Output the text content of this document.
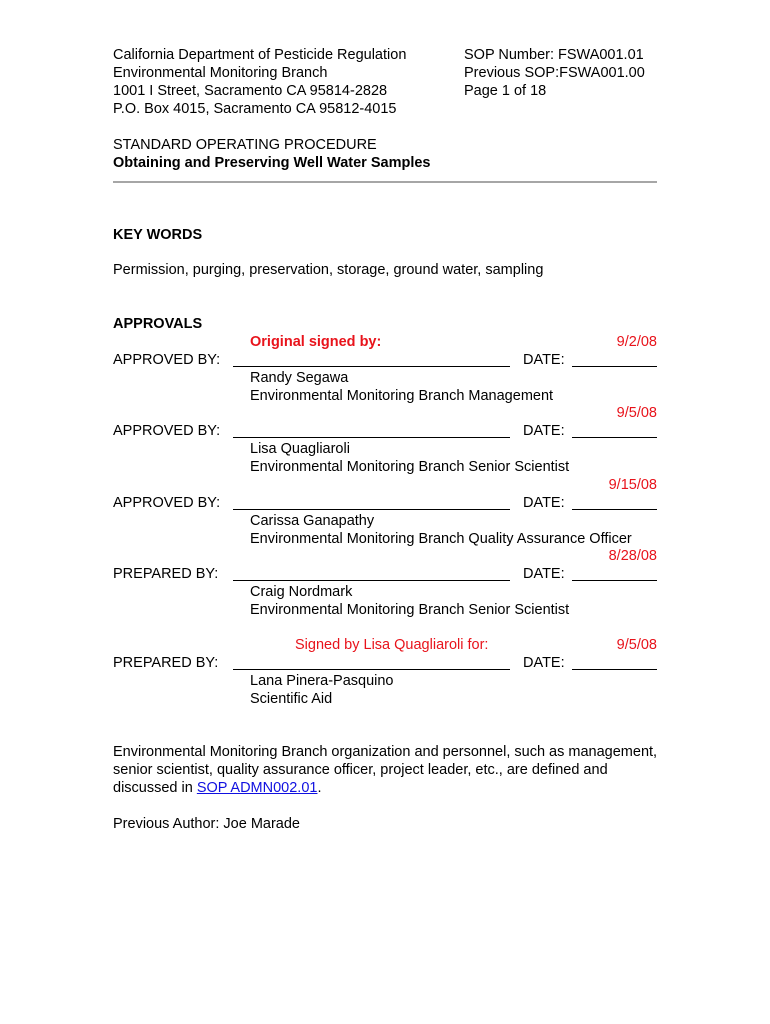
California Department of Pesticide Regulation
Environmental Monitoring Branch
1001 I Street, Sacramento CA 95814-2828
P.O. Box 4015, Sacramento CA 95812-4015
SOP Number: FSWA001.01
Previous SOP:FSWA001.00
Page 1 of 18
STANDARD OPERATING PROCEDURE
Obtaining and Preserving Well Water Samples
KEY WORDS
Permission, purging, preservation, storage, ground water, sampling
APPROVALS
Original signed by:	9/2/08
APPROVED BY:	DATE:
Randy Segawa
Environmental Monitoring Branch Management
9/5/08
APPROVED BY:	DATE:
Lisa Quagliaroli
Environmental Monitoring Branch Senior Scientist
9/15/08
APPROVED BY:	DATE:
Carissa Ganapathy
Environmental Monitoring Branch Quality Assurance Officer
8/28/08
PREPARED BY:	DATE:
Craig Nordmark
Environmental Monitoring Branch Senior Scientist
Signed by Lisa Quagliaroli for:	9/5/08
PREPARED BY:	DATE:
Lana Pinera-Pasquino
Scientific Aid
Environmental Monitoring Branch organization and personnel, such as management, senior scientist, quality assurance officer, project leader, etc., are defined and discussed in SOP ADMN002.01.
Previous Author: Joe Marade
